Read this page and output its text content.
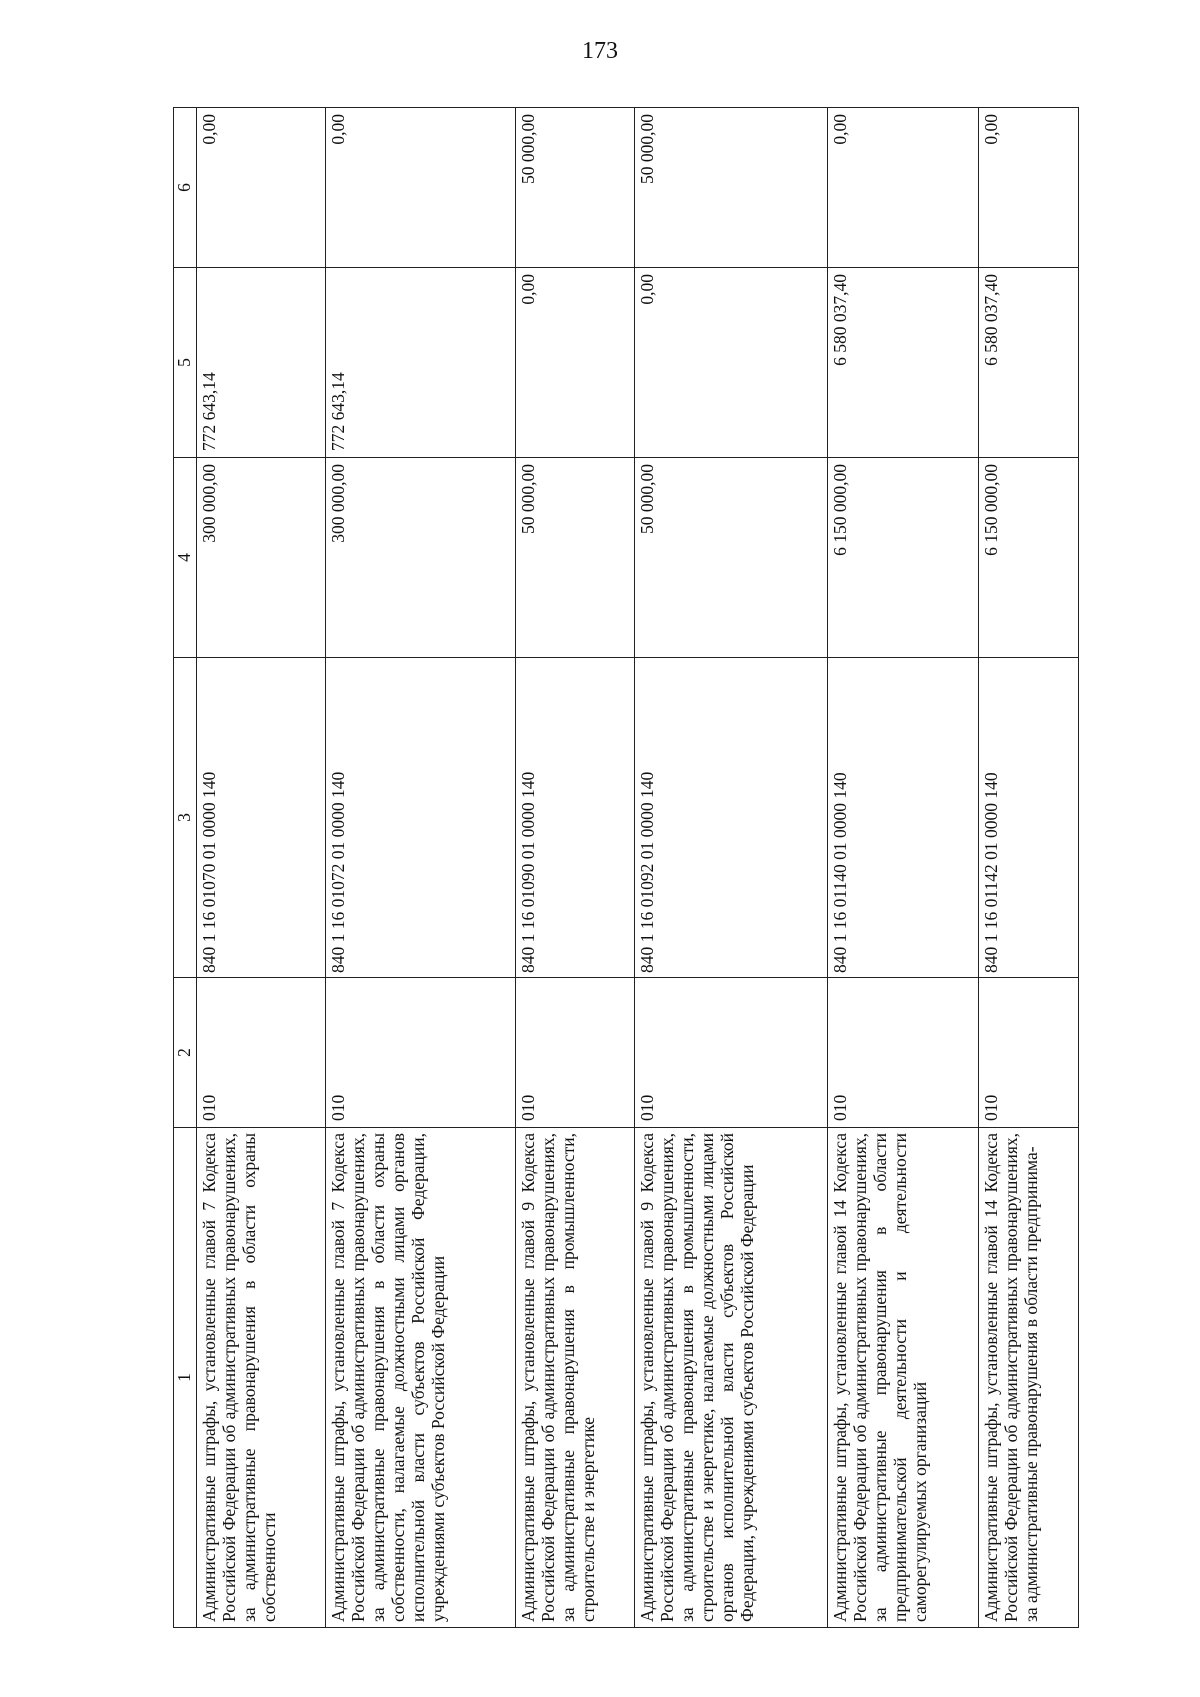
173
1	2	3	4	5	6
Административные штрафы, установленные главой 7 Кодекса Российской Федерации об административных правонарушениях, за административные правонарушения в области охраны собственности	010	840 1 16 01070 01 0000 140	300 000,00	772 643,14	0,00
Административные штрафы, установленные главой 7 Кодекса Российской Федерации об административных правонарушениях, за административные правонарушения в области охраны собственности, налагаемые должностными лицами органов исполнительной власти субъектов Российской Федерации, учреждениями субъектов Российской Федерации	010	840 1 16 01072 01 0000 140	300 000,00	772 643,14	0,00
Административные штрафы, установленные главой 9 Кодекса Российской Федерации об административных правонарушениях, за административные правонарушения в промышленности, строительстве и энергетике	010	840 1 16 01090 01 0000 140	50 000,00	0,00	50 000,00
Административные штрафы, установленные главой 9 Кодекса Российской Федерации об административных правонарушениях, за административные правонарушения в промышленности, строительстве и энергетике, налагаемые должностными лицами органов исполнительной власти субъектов Российской Федерации, учреждениями субъектов Российской Федерации	010	840 1 16 01092 01 0000 140	50 000,00	0,00	50 000,00
Административные штрафы, установленные главой 14 Кодекса Российской Федерации об административных правонарушениях, за административные правонарушения в области предпринимательской деятельности и деятельности саморегулируемых организаций	010	840 1 16 01140 01 0000 140	6 150 000,00	6 580 037,40	0,00
Административные штрафы, установленные главой 14 Кодекса Российской Федерации об административных правонарушениях, за административные правонарушения в области предпринима-	010	840 1 16 01142 01 0000 140	6 150 000,00	6 580 037,40	0,00
